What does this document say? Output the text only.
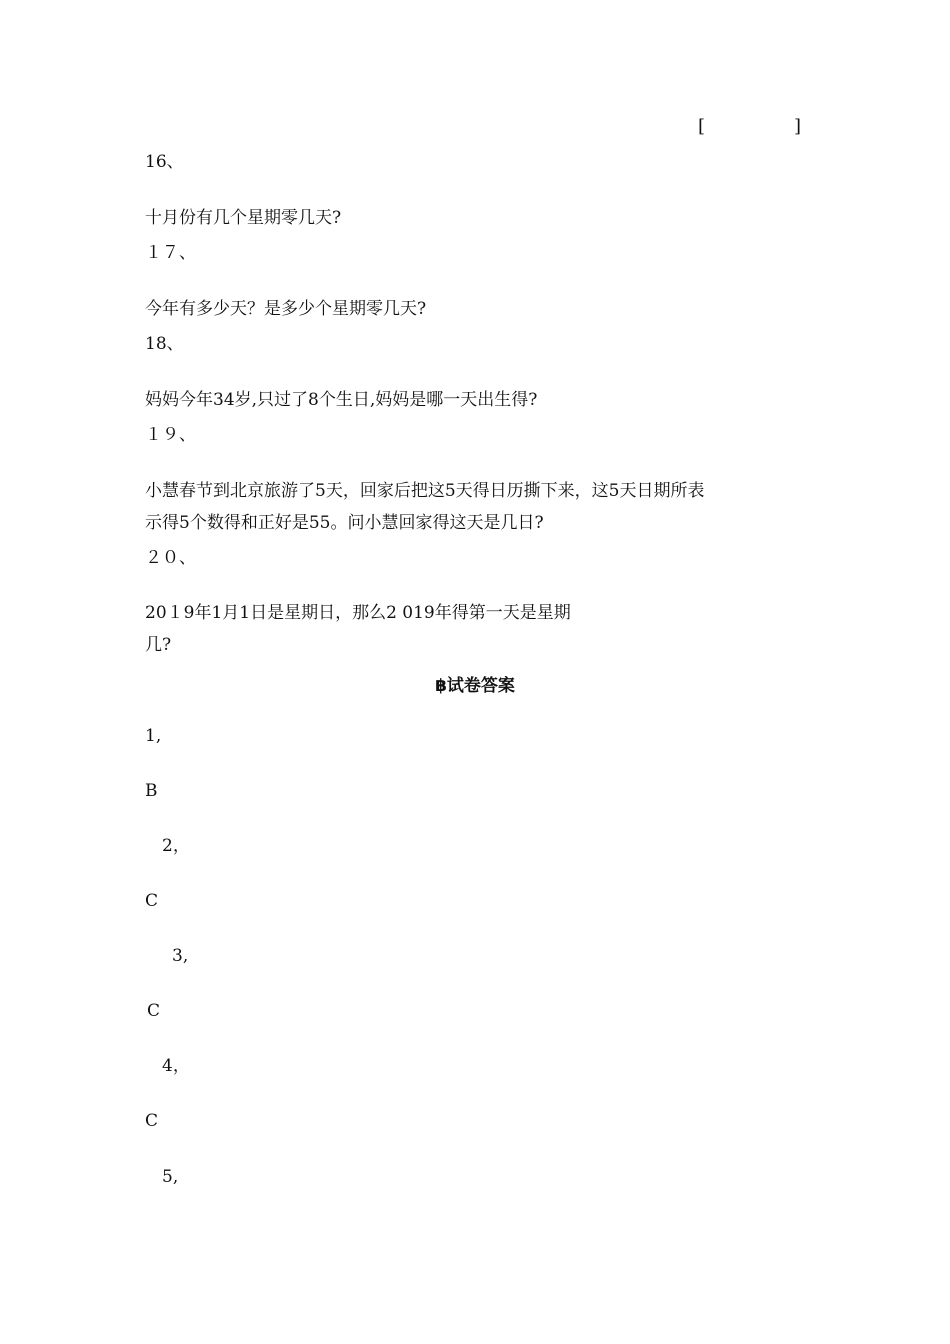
[	]
16、
十月份有几个星期零几天?
１７、
今年有多少天？是多少个星期零几天?
18、
妈妈今年34岁,只过了8个生日,妈妈是哪一天出生得?
１９、
小慧春节到北京旅游了5天，回家后把这5天得日历撕下来，这5天日期所表
示得5个数得和正好是55。问小慧回家得这天是几日?
２０、
20１9年1月1日是星期日，那么2 019年得第一天是星期
几?
฿试卷答案
1,
B
2，
C
3,
C
4，
C
5,
